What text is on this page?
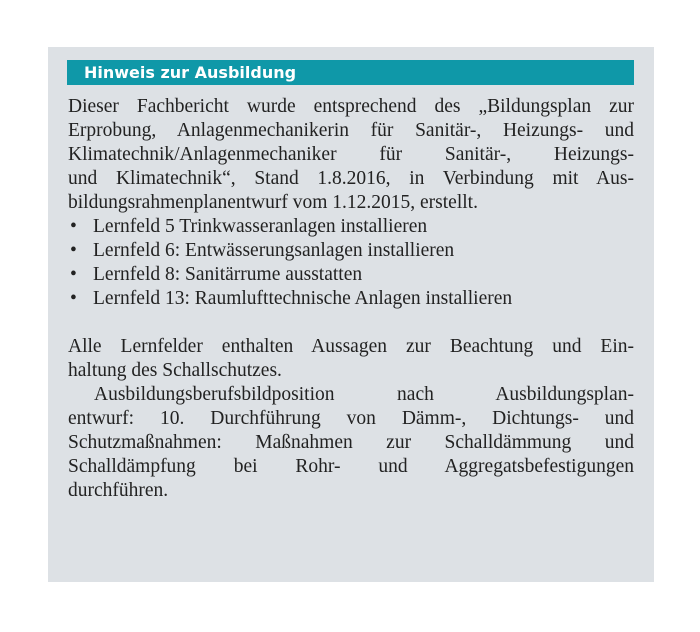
Hinweis zur Ausbildung
Dieser Fachbericht wurde entsprechend des „Bildungsplan zur
Erprobung, Anlagenmechanikerin für Sanitär-, Heizungs- und
Klimatechnik/Anlagenmechaniker für Sanitär-, Heizungs-
und Klimatechnik“, Stand 1.8.2016, in Verbindung mit Aus-
bildungsrahmenplanentwurf vom 1.12.2015, erstellt.
• Lernfeld 5 Trinkwasseranlagen installieren
• Lernfeld 6: Entwässerungsanlagen installieren
• Lernfeld 8: Sanitärrume ausstatten
• Lernfeld 13: Raumlufttechnische Anlagen installieren
Alle Lernfelder enthalten Aussagen zur Beachtung und Ein-
haltung des Schallschutzes.
Ausbildungsberufsbildposition nach Ausbildungsplan-
entwurf: 10. Durchführung von Dämm-, Dichtungs- und
Schutzmaßnahmen: Maßnahmen zur Schalldämmung und
Schalldämpfung bei Rohr- und Aggregatsbefestigungen
durchführen.
